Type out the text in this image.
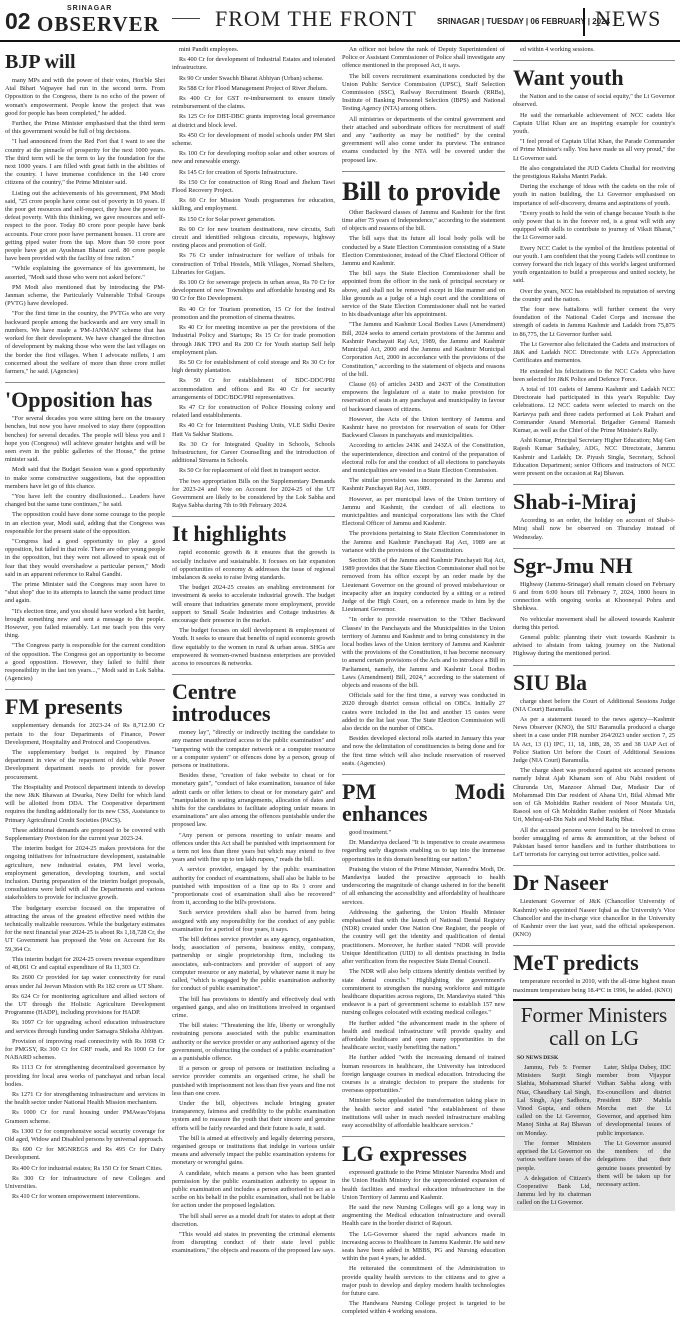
02	SRINAGAR
OBSERVER	FROM THE FRONT	SRINAGAR | TUESDAY | 06 FEBRUARY | 2024
NEWS
BJP will

many MPs and with the power of their votes, Hon'ble Shri Atal Bihari Vajpayee had run in the second term. From Opposition to the Congress, there is no echo of the power of woman's empowerment. People know the project that was good for people has been completed," he added.

Further, the Prime Minister emphasised that the third term of this government would be full of big decisions.

"I had announced from the Red Fort that I want to see the country at the pinnacle of prosperity for the next 1000 years. The third term will be the term to lay the foundation for the next 1000 years. I am filled with great faith in the abilities of the country. I have immense confidence in the 140 crore citizens of the country," the Prime Minister said.

Listing out the achievements of his government, PM Modi said, "25 crore people have come out of poverty in 10 years. If the poor get resources and self-respect, they have the power to defeat poverty. With this thinking, we gave resources and self-respect to the poor. Today 80 crore poor people have bank accounts. Four crore poor have permanent houses. 11 crore are getting piped water from the tap. More than 50 crore poor people have got an Ayushman Bharat card. 80 crore people have been provided with the facility of free ration."

"While explaining the governance of his government, he asserted, "Modi said those who were not asked before."

PM Modi also mentioned that by introducing the PM-Janman scheme, the Particularly Vulnerable Tribal Groups (PVTG) have developed.

"For the first time in the country, the PVTGs who are very backward people among the backwards and are very small in numbers. We have made a 'PM-JANMAN' scheme that has worked for their development. We have changed the direction of development by making those who were the last villages on the border the first villages. When I advocate millets, I am concerned about the welfare of more than three crore millet farmers," he said. (Agencies)

'Opposition has

"For several decades you were sitting here on the treasury benches, but now you have resolved to stay there (opposition benches) for several decades. The people will bless you and I hope you (Congress) will achieve greater heights and will be seen even in the public galleries of the House," the prime minister said.

Modi said that the Budget Session was a good opportunity to make some constructive suggestions, but the opposition members have let go of this chance.

"You have left the country disillusioned... Leaders have changed but the same tune continues," he said.

The opposition could have done some courage to the people in an election year, Modi said, adding that the Congress was responsible for the present state of the opposition.

"Congress had a good opportunity to play a good opposition, but failed in that role. There are other young people in the opposition, but they were not allowed to speak out of fear that they would overshadow a particular person," Modi said in an apparent reference to Rahul Gandhi.

The prime Minister said the Congress may soon have to "shut shop" due to its attempts to launch the same product time and again.

"It's election time, and you should have worked a bit harder, brought something new and sent a message to the people. However, you failed miserably. Let me teach you this very thing.

"The Congress party is responsible for the current condition of the opposition. The Congress got an opportunity to become a good opposition. However, they failed to fulfil their responsibility in the last ten years...," Modi said in Lok Sabha. (Agencies)

FM presents

supplementary demands for 2023-24 of Rs 8,712.90 Cr pertain to the four Departments of Finance, Power Development, Hospitality and Protocol and Cooperatives.

The supplementary budget is required by Finance department in view of the repayment of debt, while Power Development department needs to provide for power procurement.

The Hospitality and Protocol department intends to develop the new J&K Bhawan at Dwarka, New Delhi for which land will be allotted from DDA. The Cooperative department requires the funding additionally for its new CSS, Assistance to Primary Agricultural Credit Societies (PACS).

These additional demands are proposed to be covered with Supplementary Provision for the current year 2023-24.

The interim budget for 2024-25 makes provisions for the ongoing initiatives for infrastructure development, sustainable agriculture, new industrial estates, PM level works, employment generation, developing tourism, and social inclusion. During preparation of the interim budget proposals, consultations were held with all the Departments and various stakeholders to provide for inclusive growth.

The budgetary exercise focused on the imperative of attracting the areas of the greatest effective need within the technically realizable resources. While the budgetary estimates for the next financial year 2024-25 is about Rs 1,18,728 Cr, the UT Government has proposed the Vote on Account for Rs 59,364 Cr.

This interim budget for 2024-25 covers revenue expenditure of 48,061 Cr and capital expenditure of Rs 11,303 Cr.

Rs 2600 Cr provided for tap water connectivity for rural areas under Jal Jeevan Mission with Rs 182 crore as UT Share.

Rs 624 Cr for monitoring agriculture and allied sectors of the UT through the Holistic Agriculture Development Programme (HADP), including provisions for HADP.

Rs 1097 Cr for upgrading school education infrastructure and services through funding under Samagra Shiksha Abhiyan.

Provision of improving road connectivity with Rs 1698 Cr for PMGSY, Rs 300 Cr for CRF roads, and Rs 1000 Cr for NABARD schemes.

Rs 1113 Cr for strengthening decentralised governance by providing for local area works of panchayat and urban local bodies.

Rs 1271 Cr for strengthening infrastructure and services in the health sector under National Health Mission mechanism.

Rs 1000 Cr for rural housing under PMAwas/Yojana Grameen scheme.

Rs 1300 Cr for comprehensive social security coverage for Old aged, Widow and Disabled persons by universal approach.

Rs 690 Cr for MGNREGS and Rs 495 Cr for Dairy Development.

Rs 400 Cr for industrial estates; Rs 150 Cr for Smart Cities.

Rs 300 Cr for infrastructure of new Colleges and Universities.

Rs 410 Cr for women empowerment interventions.

mini Pandit employees.

Rs 400 Cr for development of Industrial Estates and tolerated infrastructure.

Rs 90 Cr under Swachh Bharat Abhiyan (Urban) scheme.

Rs 588 Cr for Flood Management Project of River Jhelum.

Rs 400 Cr for GST re-imbursement to ensure timely reimbursement of the claims.

Rs 125 Cr for DBT-DBC grants improving local governance at district and block level.

Rs 450 Cr for development of model schools under PM Shri scheme.

Rs 100 Cr for developing rooftop solar and other sources of new and renewable energy.

Rs 145 Cr for creation of Sports Infrastructure.

Rs 150 Cr for construction of Ring Road and Jhelum Tawi Flood Recovery Project.

Rs 60 Cr for Mission Youth programmes for education, skilling, and employment.

Rs 150 Cr for Solar power generation.

Rs 90 Cr for new tourism destinations, new circuits, Sufi circuit and identified religious circuits, ropeways, highway resting places and promotion of Golf.

Rs 76 Cr under infrastructure for welfare of tribals for construction of Tribal Hostels, Milk Villages, Nomad Shelters, Libraries for Gujjars.

Rs 100 Cr for sewerage projects in urban areas, Rs 70 Cr for development of new Townships and affordable housing and Rs 90 Cr for Bio Development.

Rs 40 Cr for Tourism promotion, 15 Cr for the festival promotion and the promotion of cinema theatres.

Rs 40 Cr for meeting incentive as per the provisions of the Industrial Policy and Startups; Rs 15 Cr for trade promotion through J&K TPO and Rs 200 Cr for Youth startup Self help employment plan.

Rs 50 Cr for establishment of cold storage and Rs 30 Cr for high density plantation.

Rs 50 Cr for establishment of BDC-DDC/PRI accommodation and offices and Rs 40 Cr for security arrangements of DDC/BDC/PRI representatives.

Rs 47 Cr for construction of Police Housing colony and related land establishments.

Rs 40 Cr for Intermittent Pushing Units, VLE Sidhi Desire Hatt Va Sakhar Stations.

Rs 30 Cr for Integrated Quality in Schools, Schools Infrastructure, for Career Counselling and the introduction of additional Streams in Schools.

Rs 50 Cr for replacement of old fleet in transport sector.

The two appropriation Bills on the Supplementary Demands for 2023-24 and Vote on Account for 2024-25 of the UT Government are likely to be considered by the Lok Sabha and Rajya Sabha during 7th to 9th February 2024.

It highlights

rapid economic growth & it ensures that the growth is socially inclusive and sustainable. It focuses on fair expansion of opportunities of economy & addresses the issue of regional imbalances & seeks to raise living standards.

The budget 2024-25 creates an enabling environment for investment & seeks to accelerate industrial growth. The budget will ensure that industries generate more employment, provide support to Small Scale Industries and Cottage industries & encourage their presence in the market.

The budget focuses on skill development & employment of Youth. It seeks to ensure that benefits of rapid economic growth flow equitably to the women in rural & urban areas. SHGs are empowered & women-owned business enterprises are provided access to resources & networks.

Centre introduces

money lay", "directly or indirectly inciting the candidate to any manner unauthorized access to the public examination" and "tampering with the computer network or a computer resource or a computer system" or offences done by a person, group of persons or institutions.

Besides these, "creation of fake website to cheat or for monetary gain", "conduct of fake examination, issuance of fake admit cards or offer letters to cheat or for monetary gain" and "manipulation in seating arrangements, allocation of dates and shifts for the candidates to facilitate adopting unfair means in examinations" are also among the offences punishable under the proposed law.

"Any person or persons resorting to unfair means and offences under this Act shall be punished with imprisonment for a term not less than three years but which may extend to five years and with fine up to ten lakh rupees," reads the bill.

A service provider, engaged by the public examination authority for conduct of examinations, shall also be liable to be punished with imposition of a fine up to Rs 1 crore and "proportionate cost of examination shall also be recovered" from it, according to the bill's provisions.

Such service providers shall also be barred from being assigned with any responsibility for the conduct of any public examination for a period of four years, it says.

The bill defines service provider as any agency, organisation, body, association of persons, business entity, company, partnership or single proprietorship firm, including its associates, sub-contractors and provider of support of any computer resource or any material, by whatever name it may be called, "which is engaged by the public examination authority for conduct of public examination".

The bill has provisions to identify and effectively deal with organised gangs, and also on institutions involved in organised crime.

The bill states: "Threatening the life, liberty or wrongfully restraining persons associated with the public examination authority or the service provider or any authorised agency of the government, or obstructing the conduct of a public examination" as a punishable offence.

If a person or group of persons or institution including a service provider commits an organised crime, he shall be punished with imprisonment not less than five years and fine not less than one crore.

Under the bill, objectives include bringing greater transparency, fairness and credibility to the public examination system and to reassure the youth that their sincere and genuine efforts will be fairly rewarded and their future is safe, it said.

The bill is aimed at effectively and legally deterring persons, organised groups or institutions that indulge in various unfair means and adversely impact the public examination systems for monetary or wrongful gains.

A candidate, which means a person who has been granted permission by the public examination authority to appear in public examination and includes a person authorised to act as a scribe on his behalf in the public examination, shall not be liable for action under the proposed legislation.

The bill shall serve as a model draft for states to adopt at their discretion.

"This would aid states in preventing the criminal elements from disrupting conduct of their state level public examinations," the objects and reasons of the proposed law says.

An officer not below the rank of Deputy Superintendent of Police or Assistant Commissioner of Police shall investigate any offence mentioned in the proposed Act, it says.

The bill covers recruitment examinations conducted by the Union Public Service Commission (UPSC), Staff Selection Commission (SSC), Railway Recruitment Boards (RRBs), Institute of Banking Personnel Selection (IBPS) and National Testing Agency (NTA) among others.

All ministries or departments of the central government and their attached and subordinate offices for recruitment of staff and any "authority as may be notified" by the central government will also come under its purview. The entrance exams conducted by the NTA will be covered under the proposed law.

Bill to provide

Other Backward classes of Jammu and Kashmir for the first time after 75 years of Independence," according to the statement of objects and reasons of the bill.

The bill says that its future all local body polls will be conducted by a State Election Commission consisting of a State Election Commissioner, instead of the Chief Electoral Officer of Jammu and Kashmir.

The bill says the State Election Commissioner shall be appointed from the officer in the rank of principal secretary or above, and shall not be removed except in like manner and on like grounds as a judge of a high court and the conditions of service of the State Election Commissioner shall not be varied to his disadvantage after his appointment.

"The Jammu and Kashmir Local Bodies Laws (Amendment) Bill, 2024 seeks to amend certain provisions of the Jammu and Kashmir Panchayati Raj Act, 1989, the Jammu and Kashmir Municipal Act, 2000 and the Jammu and Kashmir Municipal Corporation Act, 2000 in accordance with the provisions of the Constitution," according to the statement of objects and reasons of the bill.

Clause (6) of articles 243D and 243T of the Constitution empowers the legislature of a state to make provision for reservation of seats in any panchayat and municipality in favour of backward classes of citizens.

However, the Acts of the Union territory of Jammu and Kashmir have no provision for reservation of seats for Other Backward Classes in panchayats and municipalities.

According to articles 243K and 243ZA of the Constitution, the superintendence, direction and control of the preparation of electoral rolls for and the conduct of all elections to panchayats and municipalities are vested in a State Election Commission.

The similar provision was incorporated in the Jammu and Kashmir Panchayati Raj Act, 1989.

However, as per municipal laws of the Union territory of Jammu and Kashmir, the conduct of all elections to municipalities and municipal corporations lies with the Chief Electoral Officer of Jammu and Kashmir.

The provisions pertaining to State Election Commissioner in the Jammu and Kashmir Panchayati Raj Act, 1989 are at variance with the provisions of the Constitution.

Section 36B of the Jammu and Kashmir Panchayati Raj Act, 1989 provides that the State Election Commissioner shall not be removed from his office except by an order made by the Lieutenant Governor on the ground of proved misbehaviour or incapacity after an inquiry conducted by a sitting or a retired Judge of the High Court, on a reference made to him by the Lieutenant Governor.

"In order to provide reservation to the 'Other Backward Classes' in the Panchayats and the Municipalities in the Union territory of Jammu and Kashmir and to bring consistency in the local bodies laws of the Union territory of Jammu and Kashmir with the provisions of the Constitution, it has become necessary to amend certain provisions of the Acts and to introduce a Bill in Parliament, namely, the Jammu and Kashmir Local Bodies Laws (Amendment) Bill, 2024," according to the statement of objects and reasons of the bill.

Officials said for the first time, a survey was conducted in 2020 through district census official on OBCs. Initially 27 castes were included in the list and another 15 castes were added to the list last year. The State Election Commission will also decide on the number of OBCs.

Besides developed electoral rolls started in January this year and now the delimitation of constituencies is being done and for the first time which will also include reservation of reserved seats. (Agencies)

PM Modi enhances

good treatment."

Dr. Mandaviya declared "It is imperative to create awareness regarding early diagnosis enabling us to tap into the immense opportunities in this domain benefiting our nation."

Praising the vision of the Prime Minister, Narendra Modi, Dr. Mandaviya lauded the proactive approach to health underscoring the magnitude of change ushered in for the benefit of all enhancing the accessibility and affordability of healthcare services.

Addressing the gathering, the Union Health Minister emphasised that with the launch of National Dental Registry (NDR) created under One Nation One Register, the people of the country will get the identity and qualification of dental practitioners. Moreover, he further stated "NDR will provide Unique Identification (UID) to all dentists practising in India after verification from the respective State Dental Council.

The NDR will also help citizens identify dentists verified by state dental councils." Highlighting the government's commitment to strengthen the nursing workforce and mitigate healthcare disparities across regions, Dr. Mandaviya stated "this endeavor is a part of government scheme to establish 157 new nursing colleges colocated with existing medical colleges."

He further added "the advancement made in the sphere of health and medical infrastructure will provide quality and affordable healthcare and open many opportunities in the healthcare sector, vastly benefiting the nation."

He further added "with the increasing demand of trained human resources in healthcare, the University has introduced foreign language courses in medical education. Introducing the courses is a strategic decision to prepare the students for overseas opportunities."

Minister Sobu applauded the transformation taking place in the health sector and stated "the establishment of these institutions will usher in much needed infrastructure enabling easy accessibility of affordable healthcare services."

LG expresses

expressed gratitude to the Prime Minister Narendra Modi and the Union Health Ministry for the unprecedented expansion of health facilities and medical education infrastructure in the Union Territory of Jammu and Kashmir.

He said the new Nursing Colleges will go a long way in augmenting the Medical education infrastructure and overall Health care in the border district of Rajouri.

The LG-Governor shared the rapid advances made in increasing access to Healthcare in Jammu Kashmir. He said new seats have been added in MBBS, PG and Nursing education within the past 4 years, he added.

He reiterated the commitment of the Administration to provide quality health services to the citizens and to give a major push to develop and deploy modern health technologies for future care.

The Handwara Nursing College project is targeted to be completed within 4 working sessions.

ed within 4 working sessions.

Want youth

the Nation and to the cause of social equity," the Lt Governor observed.

He said the remarkable achievement of NCC cadets like Captain Ulfat Khan are an inspiring example for country's youth.

"I feel proud of Captain Ulfat Khan, the Parade Commander of Prime Minister's rally. You have made us all very proud," the Lt Governor said.

He also congratulated the JUD Cadets Chudial for receiving the prestigious Raksha Mantri Padak.

During the exchange of ideas with the cadets on the role of youth in nation building, the Lt Governor emphasised on importance of self-discovery, dreams and aspirations of youth.

"Every youth to hold the vein of change because Youth is the only power that is in the forever red, is a great will with any equipped with skills to contribute to journey of Viksit Bharat," the Lt Governor said.

Every NCC Cadet is the symbol of the limitless potential of our youth. I am confident that the young Cadets will continue to convey forward the rich legacy of this world's largest uniformed youth organization to build a prosperous and united society, he said.

Over the years, NCC has established its reputation of serving the country and the nation.

The four new battalions will further cement the very foundation of the National Cadet Corps and increase the strength of cadets in Jammu Kashmir and Ladakh from 75,875 to 86,775, the Lt Governor further said.

The Lt Governor also felicitated the Cadets and instructors of J&K and Ladakh NCC Directorate with LG's Appreciation Certificates and mementos.

He extended his felicitations to the NCC Cadets who have been selected for J&K Police and Defence Force.

A total of 101 cadets of Jammu Kashmir and Ladakh NCC Directorate had participated in this year's Republic Day celebrations. 12 NCC cadets were selected to march on the Kartavya path and three cadets performed at Lok Prahari and Commander Anand Memorial. Brigadier General Ramesh Kumar, as well as the Chief of the Prime Minister's Rally.

Ashi Kumar, Principal Secretary Higher Education; Maj Gen Rajesh Kumar Sathaley, ADG, NCC Directorate, Jammu Kashmir and Ladakh; Dr. Piyush Singla, Secretary, School Education Department; senior Officers and instructors of NCC were present on the occasion at Raj Bhavan.

Shab-i-Miraj

According to an order, the holiday on account of Shab-i-Miraj shall now be observed on Thursday instead of Wednesday.

Sgr-Jmu NH

Highway (Jammu-Srinagar) shall remain closed on February 6 and from 6:00 hours till February 7, 2024, 1800 hours in connection with ongoing works at Khooneyal Pohru and Shehkwa.

No vehicular movement shall be allowed towards Kashmir during this period.

General public planning their visit towards Kashmir is advised to abstain from taking journey on the National Highway during the mentioned period.

SIU Bla

charge sheet before the Court of Additional Sessions Judge (NIA Court) Baramulla.

As per a statement issued to the news agency—Kashmir News Observer (KNO), the SIU Baramulla produced a charge sheet in a case under FIR number 264/2023 under section 7, 25 IA Act, 13 (1) IPC, 11, 18, 18B, 28, 35 and 38 UAP Act of Police Station Uri before the Court of Additional Sessions Judge (NIA Court) Baramulla.

The charge sheet was produced against six accused persons namely Ishrat Ajab Khanam son of Abu Nabi resident of Churunda Uri, Manzoor Ahmad Dar, Mudasir Dar of Mohammad Din Dar resident of Ahana Uri, Bilal Ahmad Mir son of Gh Mohiddin Rather resident of Noor Mustafa Uri, Rasool son of Gh Mohiddin Rather resident of Noor Mustafa Uri, Mehraj-ud-Din Nabi and Mohd Rafiq Bhat.

All the accused persons were found to be involved in cross border smuggling of arms & ammunition, at the behest of Pakistan based terror handlers and in further distributions to LeT terrorists for carrying out terror activities, police said.

Dr Naseer

Lieutenant Governor of J&K (Chancellor University of Kashmir) who appointed Naseer Iqbal as the University's Vice Chancellor and the in-charge vice chancellor in the University of Kashmir over the last year, said the official spokesperson. (KNO)

MeT predicts

temperature recorded in 2010, with the all-time highest mean maximum temperature being 18.4°C in 1996, he added. (KNO)

Former Ministers call on LG
SO NEWS DESK

Jammu, Feb 5: Former Ministers Surjit Singh Slathia, Mohammad Sharief Niaz, Chaudhary Lal Singh, Lal Singh, Ajay Sadhotra, Vinod Gupta, and others called on the Lt Governor, Manoj Sinha at Raj Bhavan on Monday.

The former Ministers apprised the Lt Governor on various welfare issues of the people.

A delegation of Citizen's Cooperative Bank Ltd, Jammu led by its chairman called on the Lt Governor.

Later, Shilpa Dubey, IDC member from Vijaypur Vidhan Sabha along with Ex-councillors and district President BJP Mahila Morcha met the Lt Governor, and apprised him of developmental issues of public importance.

The Lt Governor assured the members of the delegations that their genuine issues presented by them will be taken up for necessary action.
